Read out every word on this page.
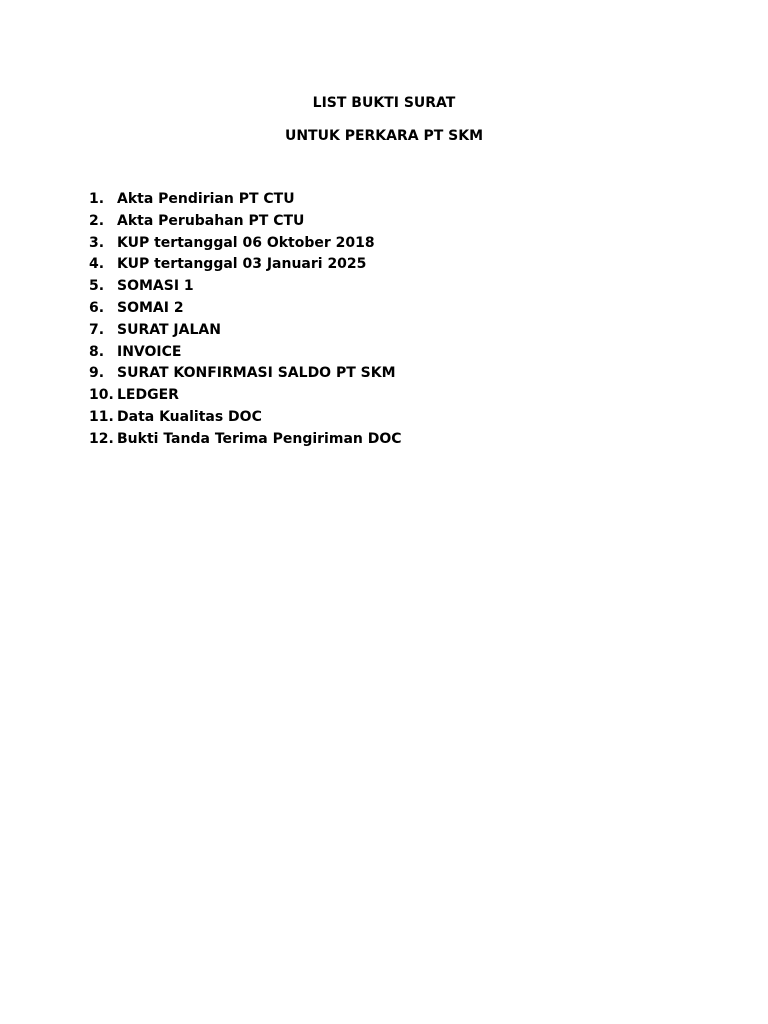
LIST BUKTI SURAT
UNTUK PERKARA PT SKM
1. Akta Pendirian PT CTU
2. Akta Perubahan PT CTU
3. KUP tertanggal 06 Oktober 2018
4. KUP tertanggal 03 Januari 2025
5. SOMASI 1
6. SOMAI 2
7. SURAT JALAN
8. INVOICE
9. SURAT KONFIRMASI SALDO PT SKM
10. LEDGER
11. Data Kualitas DOC
12. Bukti Tanda Terima Pengiriman DOC
